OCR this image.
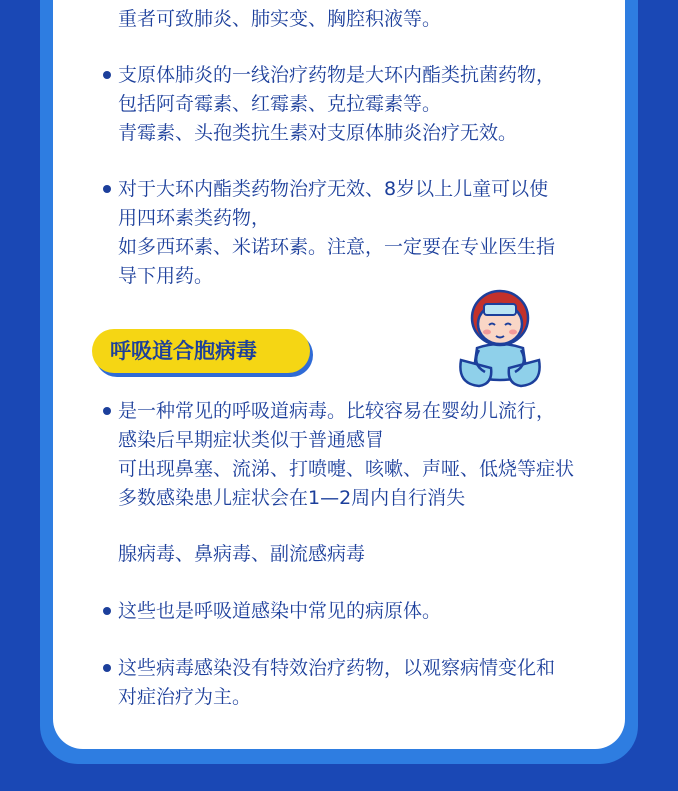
重者可致肺炎、肺实变、胸腔积液等。

支原体肺炎的一线治疗药物是大环内酯类抗菌药物，

包括阿奇霉素、红霉素、克拉霉素等。

青霉素、头孢类抗生素对支原体肺炎治疗无效。

对于大环内酯类药物治疗无效、8岁以上儿童可以使

用四环素类药物，

如多西环素、米诺环素。注意，一定要在专业医生指

导下用药。

呼吸道合胞病毒

是一种常见的呼吸道病毒。比较容易在婴幼儿流行，

感染后早期症状类似于普通感冒

可出现鼻塞、流涕、打喷嚏、咳嗽、声哑、低烧等症状

多数感染患儿症状会在1—2周内自行消失

腺病毒、鼻病毒、副流感病毒

这些也是呼吸道感染中常见的病原体。

这些病毒感染没有特效治疗药物，以观察病情变化和

对症治疗为主。
